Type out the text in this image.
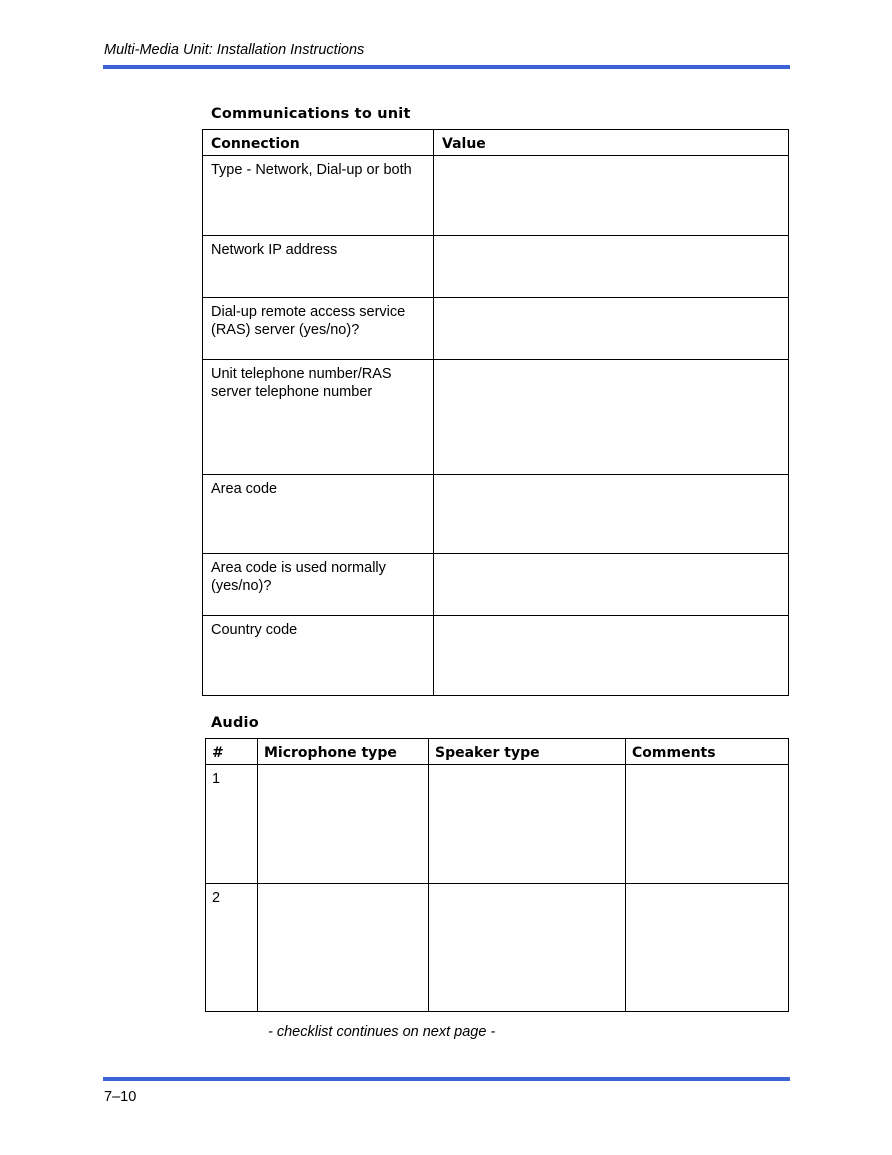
Multi-Media Unit: Installation Instructions
Communications to unit
Connection	Value
Type - Network, Dial-up or both	
Network IP address	
Dial-up remote access service (RAS) server (yes/no)?	
Unit telephone number/RAS server telephone number	
Area code	
Area code is used normally (yes/no)?	
Country code	
Audio
#	Microphone type	Speaker type	Comments
1			
2			
- checklist continues on next page -
7–10
